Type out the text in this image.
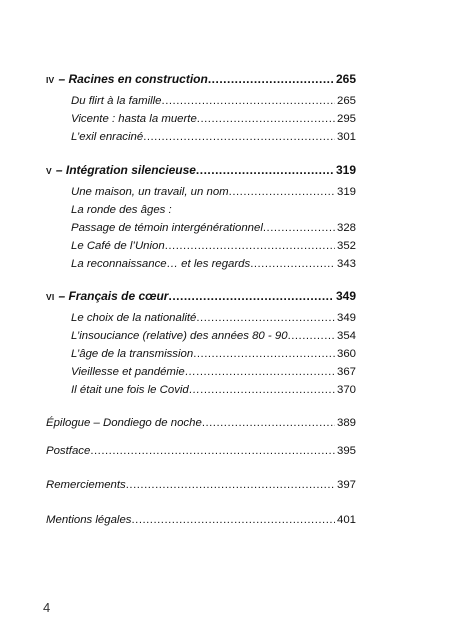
IV – Racines en construction .....	265
Du flirt à la famille .....	265
Vicente : hasta la muerte .....	295
L’exil enraciné .....	301
V – Intégration silencieuse .....	319
Une maison, un travail, un nom .....	319
La ronde des âges :
Passage de témoin intergénérationnel .....	328
Le Café de l’Union .....	352
La reconnaissance… et les regards .....	343
VI – Français de cœur .....	349
Le choix de la nationalité .....	349
L’insouciance (relative) des années 80 - 90 .....	354
L’âge de la transmission .....	360
Vieillesse et pandémie… .....	367
Il était une fois le Covid… .....	370
Épilogue – Dondiego de noche .....	389
Postface .....	395
Remerciements .....	397
Mentions légales .....	401
4
